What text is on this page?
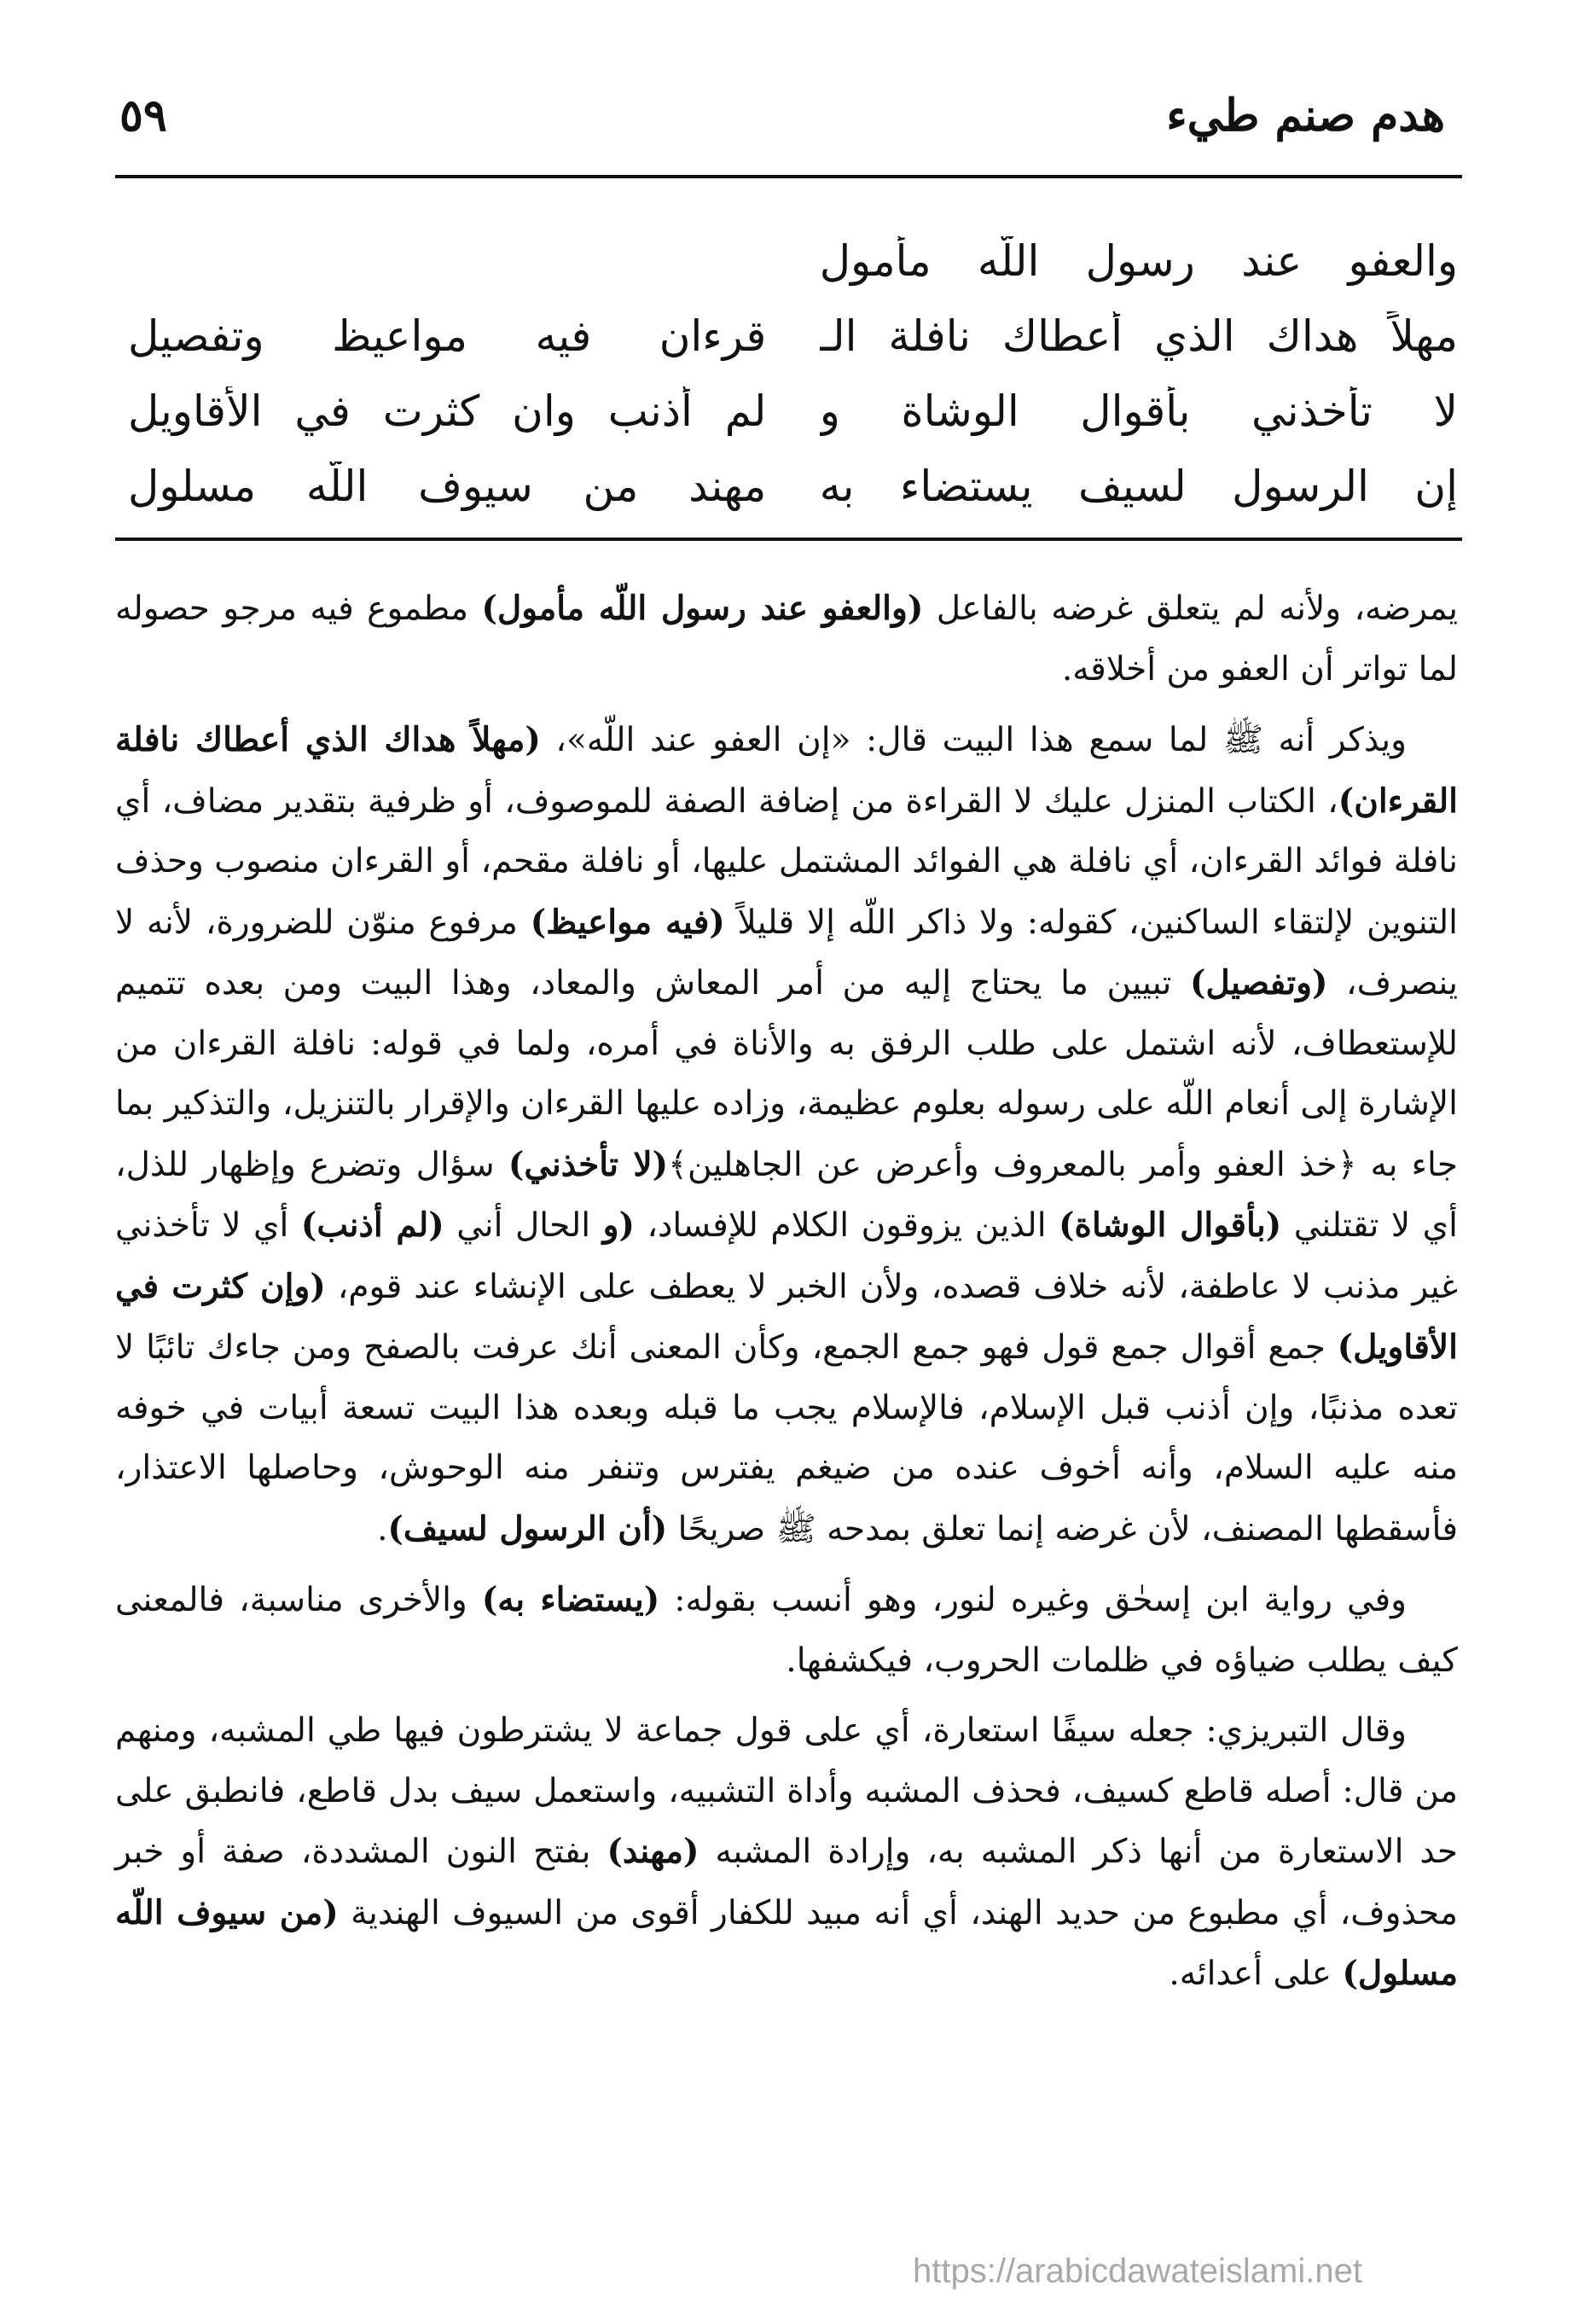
هدم صنم طيء
٥٩
والعفو عند رسول اللّه مأمول
مهلاً هداك الذي أعطاك نافلة الـ
قرءان فيه مواعيظ وتفصيل
لا تأخذني بأقوال الوشاة و
لم أذنب وان كثرت في الأقاويل
إن الرسول لسيف يستضاء به
مهند من سيوف اللّه مسلول

يمرضه، ولأنه لم يتعلق غرضه بالفاعل (والعفو عند رسول اللّه مأمول) مطموع فيه مرجو حصوله لما تواتر أن العفو من أخلاقه.

ويذكر أنه ﷺ لما سمع هذا البيت قال: «إن العفو عند اللّه»، (مهلاً هداك الذي أعطاك نافلة القرءان)، الكتاب المنزل عليك لا القراءة من إضافة الصفة للموصوف، أو ظرفية بتقدير مضاف، أي نافلة فوائد القرءان، أي نافلة هي الفوائد المشتمل عليها، أو نافلة مقحم، أو القرءان منصوب وحذف التنوين لإلتقاء الساكنين، كقوله: ولا ذاكر اللّه إلا قليلاً (فيه مواعيظ) مرفوع منوّن للضرورة، لأنه لا ينصرف، (وتفصيل) تبيين ما يحتاج إليه من أمر المعاش والمعاد، وهذا البيت ومن بعده تتميم للإستعطاف، لأنه اشتمل على طلب الرفق به والأناة في أمره، ولما في قوله: نافلة القرءان من الإشارة إلى أنعام اللّه على رسوله بعلوم عظيمة، وزاده عليها القرءان والإقرار بالتنزيل، والتذكير بما جاء به ﴿خذ العفو وأمر بالمعروف وأعرض عن الجاهلين﴾(لا تأخذني) سؤال وتضرع وإظهار للذل، أي لا تقتلني (بأقوال الوشاة) الذين يزوقون الكلام للإفساد، (و الحال أني (لم أذنب) أي لا تأخذني غير مذنب لا عاطفة، لأنه خلاف قصده، ولأن الخبر لا يعطف على الإنشاء عند قوم، (وإن كثرت في الأقاويل) جمع أقوال جمع قول فهو جمع الجمع، وكأن المعنى أنك عرفت بالصفح ومن جاءك تائبًا لا تعده مذنبًا، وإن أذنب قبل الإسلام، فالإسلام يجب ما قبله وبعده هذا البيت تسعة أبيات في خوفه منه عليه السلام، وأنه أخوف عنده من ضيغم يفترس وتنفر منه الوحوش، وحاصلها الاعتذار، فأسقطها المصنف، لأن غرضه إنما تعلق بمدحه ﷺ صريحًا (أن الرسول لسيف).

وفي رواية ابن إسحٰق وغيره لنور، وهو أنسب بقوله: (يستضاء به) والأخرى مناسبة، فالمعنى كيف يطلب ضياؤه في ظلمات الحروب، فيكشفها.

وقال التبريزي: جعله سيفًا استعارة، أي على قول جماعة لا يشترطون فيها طي المشبه، ومنهم من قال: أصله قاطع كسيف، فحذف المشبه وأداة التشبيه، واستعمل سيف بدل قاطع، فانطبق على حد الاستعارة من أنها ذكر المشبه به، وإرادة المشبه (مهند) بفتح النون المشددة، صفة أو خبر محذوف، أي مطبوع من حديد الهند، أي أنه مبيد للكفار أقوى من السيوف الهندية (من سيوف اللّه مسلول) على أعدائه.

https://arabicdawateislami.net
